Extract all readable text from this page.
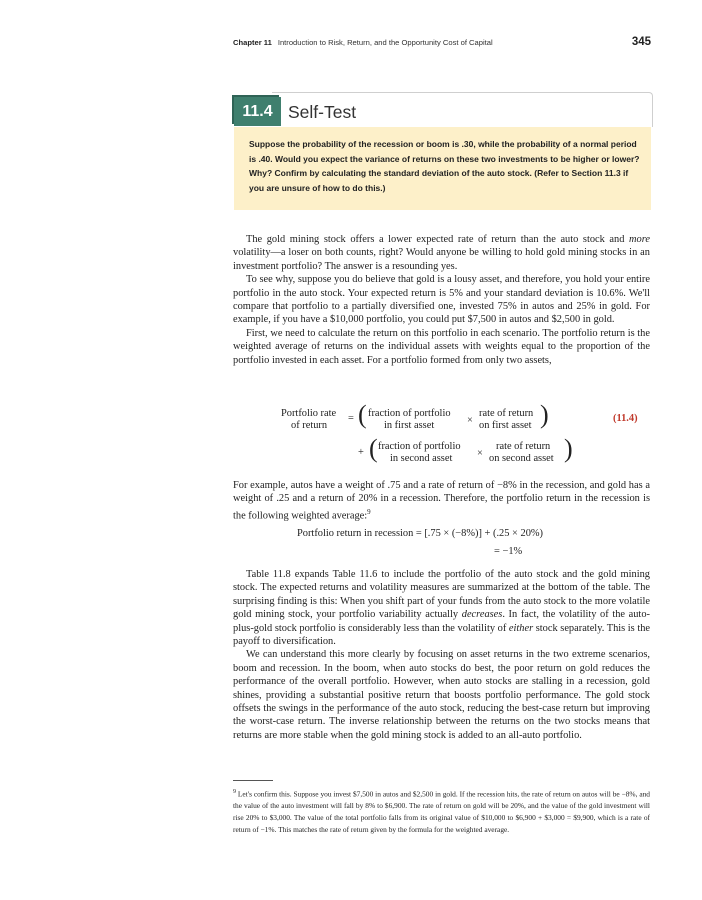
Chapter 11 Introduction to Risk, Return, and the Opportunity Cost of Capital	345
11.4 Self-Test
Suppose the probability of the recession or boom is .30, while the probability of a normal period is .40. Would you expect the variance of returns on these two investments to be higher or lower? Why? Confirm by calculating the standard deviation of the auto stock. (Refer to Section 11.3 if you are unsure of how to do this.)

The gold mining stock offers a lower expected rate of return than the auto stock and more volatility—a loser on both counts, right? Would anyone be willing to hold gold mining stocks in an investment portfolio? The answer is a resounding yes.

To see why, suppose you do believe that gold is a lousy asset, and therefore, you hold your entire portfolio in the auto stock. Your expected return is 5% and your standard deviation is 10.6%. We'll compare that portfolio to a partially diversified one, invested 75% in autos and 25% in gold. For example, if you have a $10,000 portfolio, you could put $7,500 in autos and $2,500 in gold.

First, we need to calculate the return on this portfolio in each scenario. The portfolio return is the weighted average of returns on the individual assets with weights equal to the proportion of the portfolio invested in each asset. For a portfolio formed from only two assets,

Portfolio rate
of return
= ( fraction of portfolio
in first asset	×
rate of return
on first asset )	(11.4)
+ ( fraction of portfolio
in second asset ×
rate of return
on second asset )

For example, autos have a weight of .75 and a rate of return of −8% in the recession, and gold has a weight of .25 and a return of 20% in a recession. Therefore, the portfolio return in the recession is the following weighted average:$^9$

Portfolio return in recession = [.75 × (−8%)] + (.25 × 20%)
= −1%

Table 11.8 expands Table 11.6 to include the portfolio of the auto stock and the gold mining stock. The expected returns and volatility measures are summarized at the bottom of the table. The surprising finding is this: When you shift part of your funds from the auto stock to the more volatile gold mining stock, your portfolio variability actually decreases. In fact, the volatility of the auto-plus-gold stock portfolio is considerably less than the volatility of either stock separately. This is the payoff to diversification.

We can understand this more clearly by focusing on asset returns in the two extreme scenarios, boom and recession. In the boom, when auto stocks do best, the poor return on gold reduces the performance of the overall portfolio. However, when auto stocks are stalling in a recession, gold shines, providing a substantial positive return that boosts portfolio performance. The gold stock offsets the swings in the performance of the auto stock, reducing the best-case return but improving the worst-case return. The inverse relationship between the returns on the two stocks means that returns are more stable when the gold mining stock is added to an all-auto portfolio.

$^9$ Let's confirm this. Suppose you invest $7,500 in autos and $2,500 in gold. If the recession hits, the rate of return on autos will be −8%, and the value of the auto investment will fall by 8% to $6,900. The rate of return on gold will be 20%, and the value of the gold investment will rise 20% to $3,000. The value of the total portfolio falls from its original value of $10,000 to $6,900 + $3,000 = $9,900, which is a rate of return of −1%. This matches the rate of return given by the formula for the weighted average.
